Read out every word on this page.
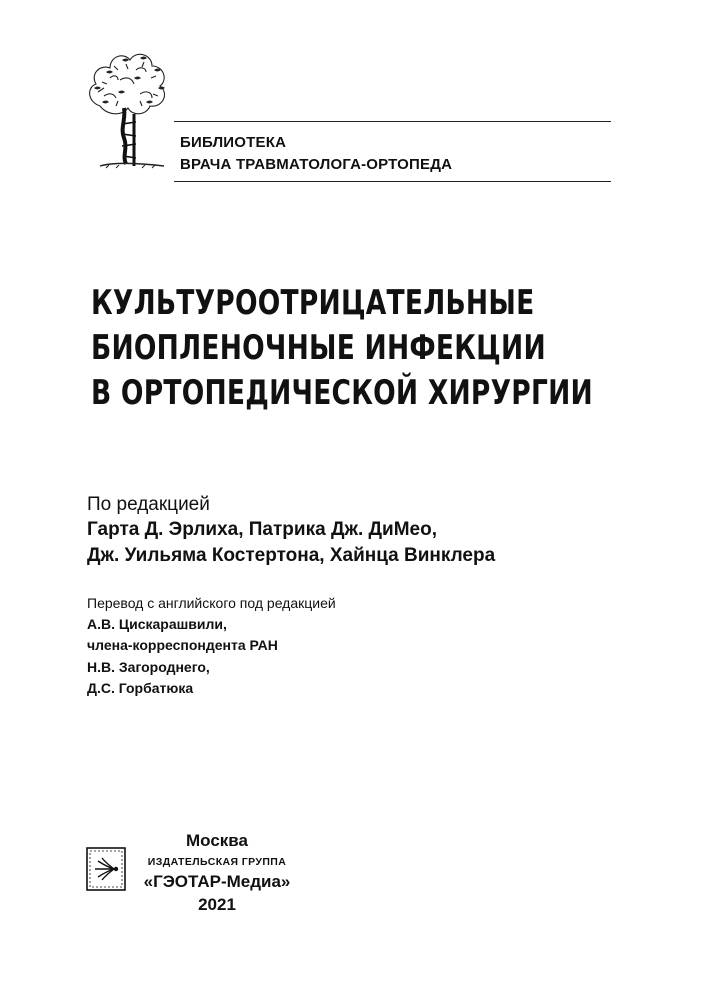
БИБЛИОТЕКА
ВРАЧА ТРАВМАТОЛОГА-ОРТОПЕДА
КУЛЬТУРООТРИЦАТЕЛЬНЫЕ
БИОПЛЕНОЧНЫЕ ИНФЕКЦИИ
В ОРТОПЕДИЧЕСКОЙ ХИРУРГИИ
По редакцией
Гарта Д. Эрлиха, Патрика Дж. ДиМео,
Дж. Уильяма Костертона, Хайнца Винклера
Перевод с английского под редакцией
А.В. Цискарашвили,
члена-корреспондента РАН
Н.В. Загороднего,
Д.С. Горбатюка
Москва
ИЗДАТЕЛЬСКАЯ ГРУППА
«ГЭОТАР-Медиа»
2021
